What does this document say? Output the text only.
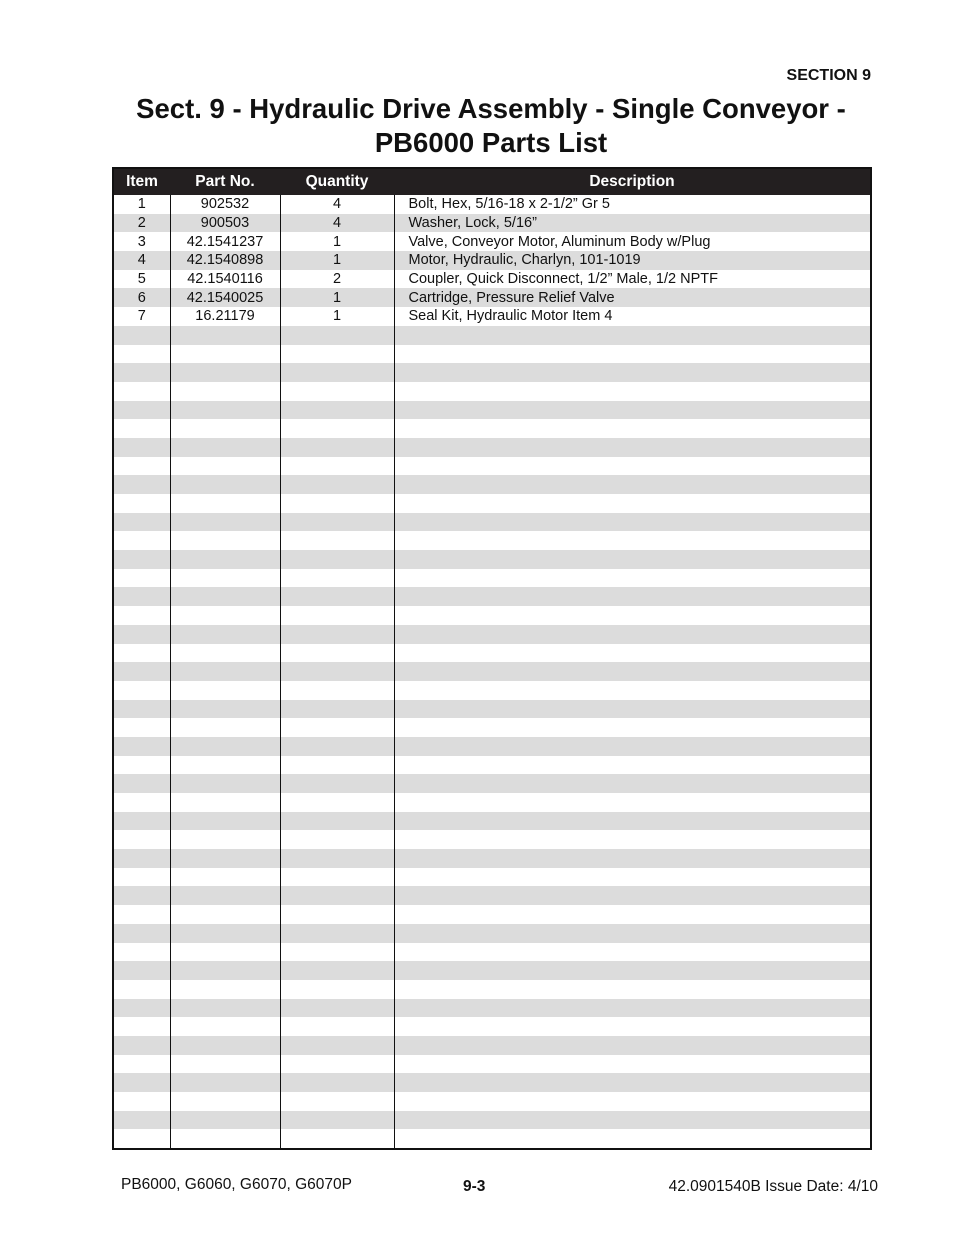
SECTION 9
Sect. 9 - Hydraulic Drive Assembly - Single Conveyor -
PB6000 Parts List
Item	Part No.	Quantity	Description
1	902532	4	Bolt, Hex, 5/16-18 x 2-1/2” Gr 5
2	900503	4	Washer, Lock, 5/16”
3	42.1541237	1	Valve, Conveyor Motor, Aluminum Body w/Plug
4	42.1540898	1	Motor, Hydraulic, Charlyn, 101-1019
5	42.1540116	2	Coupler, Quick Disconnect, 1/2” Male, 1/2 NPTF
6	42.1540025	1	Cartridge, Pressure Relief Valve
7	16.21179	1	Seal Kit, Hydraulic Motor Item 4

PB6000, G6060, G6070, G6070P	9-3	42.0901540B Issue Date: 4/10
